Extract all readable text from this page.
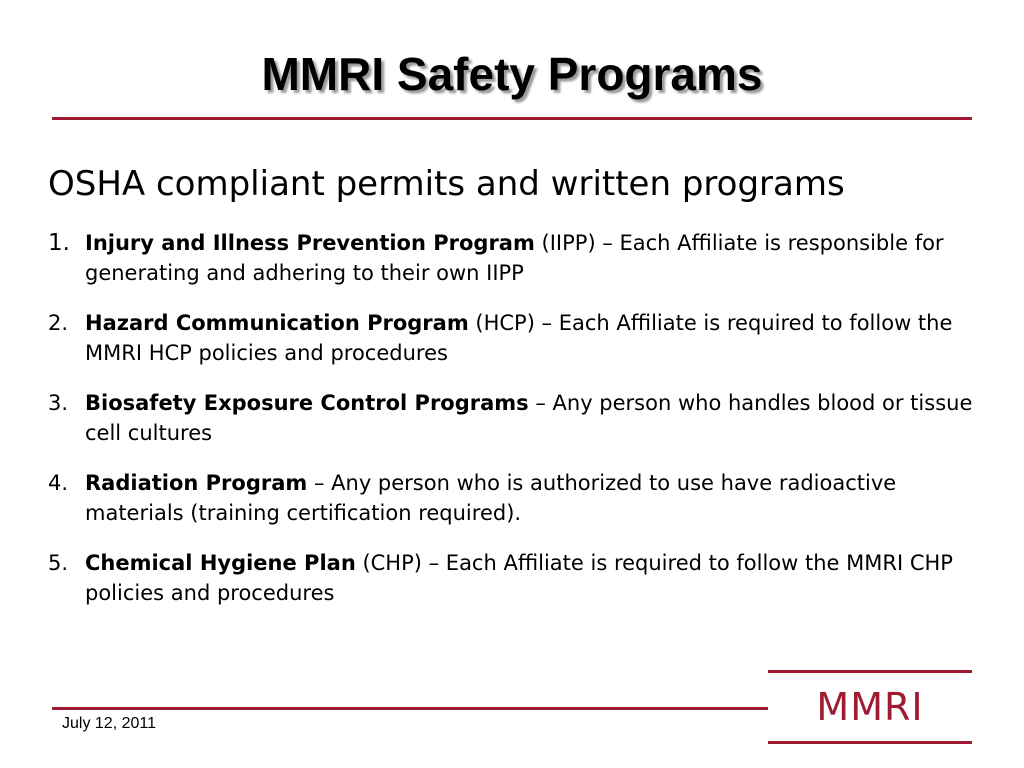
MMRI Safety Programs
OSHA compliant permits and written programs
1. Injury and Illness Prevention Program (IIPP) – Each Affiliate is responsible for generating and adhering to their own IIPP
2. Hazard Communication Program (HCP) – Each Affiliate is required to follow the MMRI HCP policies and procedures
3. Biosafety Exposure Control Programs – Any person who handles blood or tissue cell cultures
4. Radiation Program – Any person who is authorized to use have radioactive materials (training certification required).
5. Chemical Hygiene Plan (CHP) – Each Affiliate is required to follow the MMRI CHP policies and procedures
July 12, 2011	MMRI
